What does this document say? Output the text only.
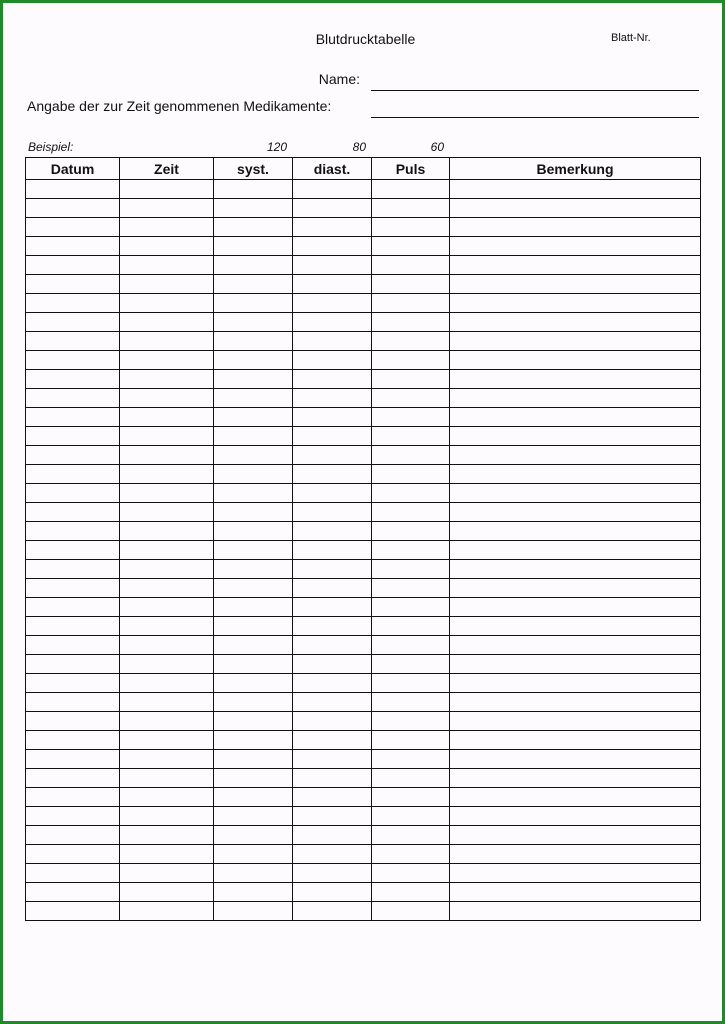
Blutdrucktabelle	Blatt-Nr.
Name:
Angabe der zur Zeit genommenen Medikamente:
Beispiel:	120	80	60
Datum	Zeit	syst.	diast.	Puls	Bemerkung
